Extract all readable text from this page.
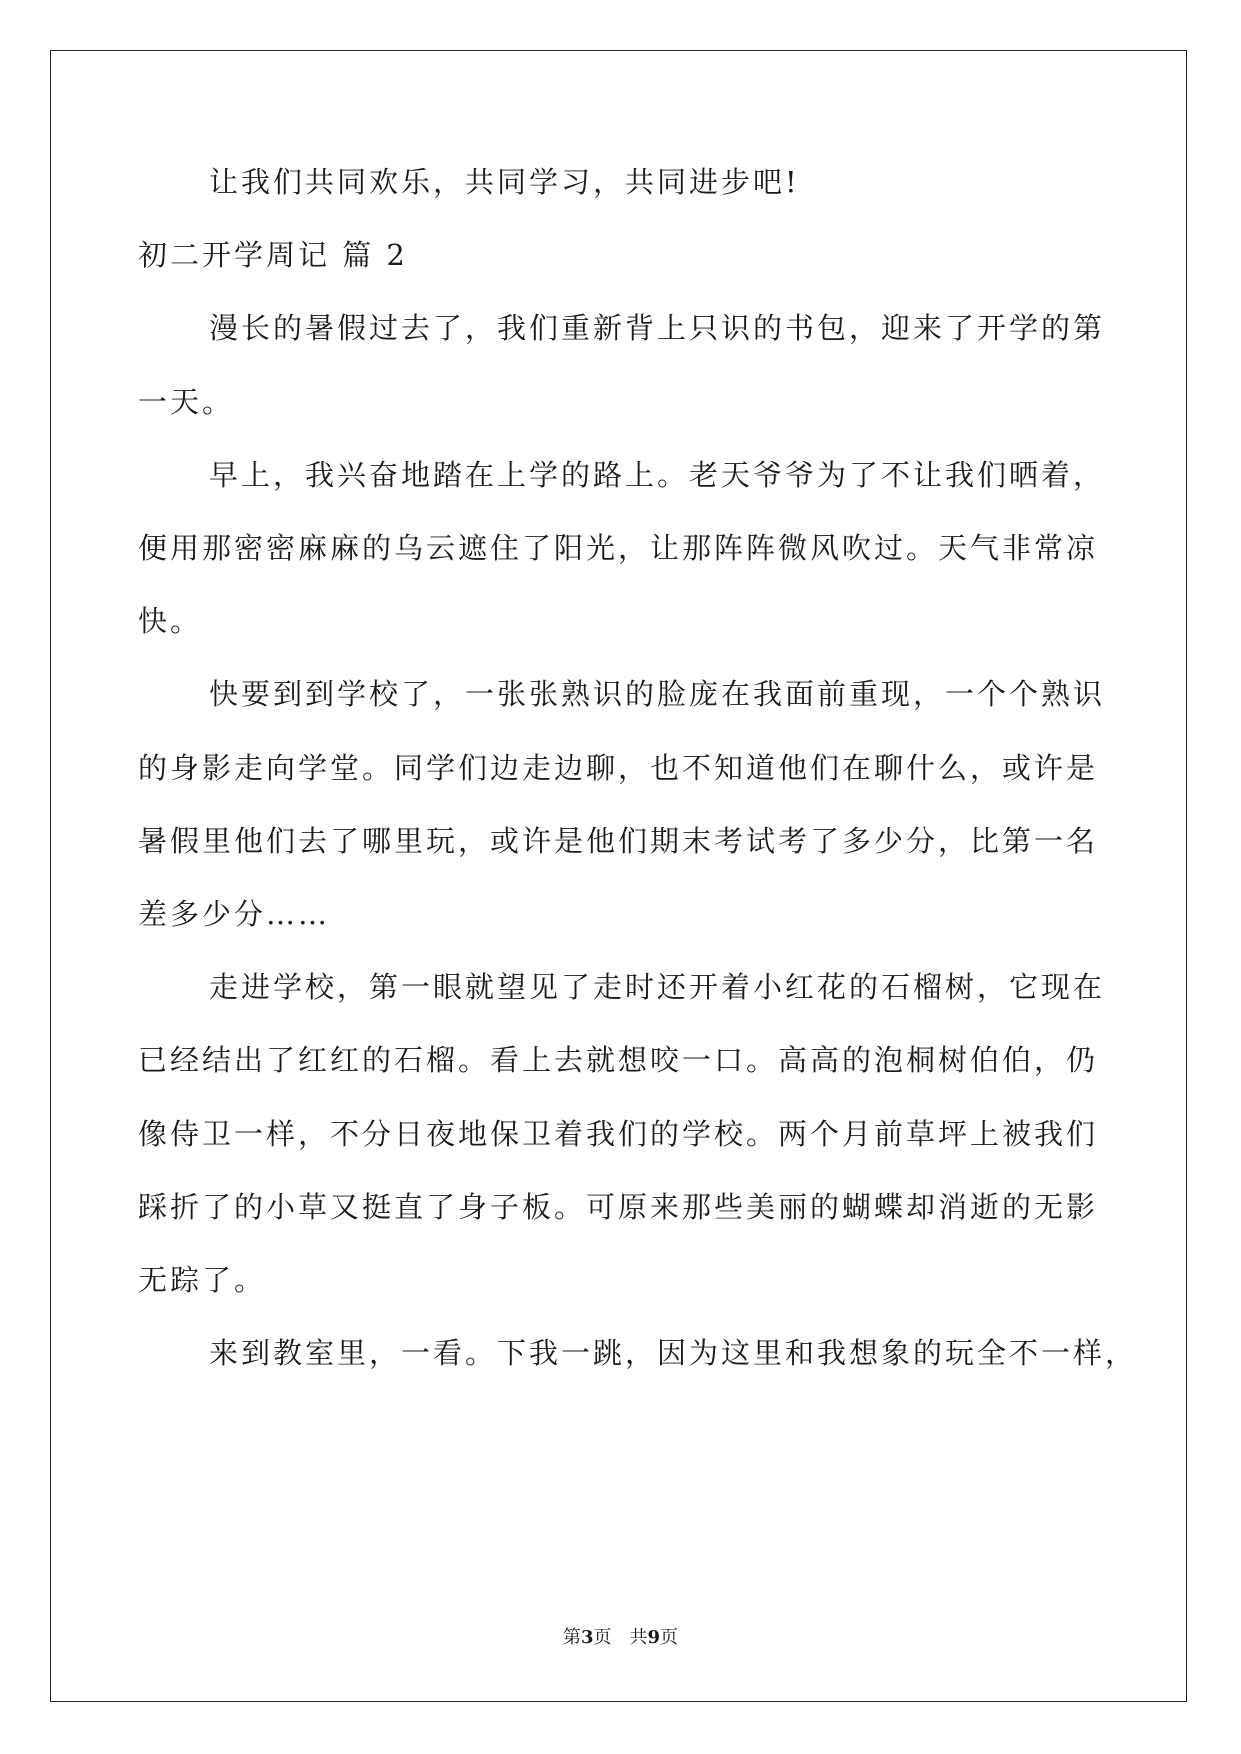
让我们共同欢乐，共同学习，共同进步吧!
初二开学周记 篇 2
漫长的暑假过去了，我们重新背上只识的书包，迎来了开学的第
一天。
早上，我兴奋地踏在上学的路上。老天爷爷为了不让我们晒着，
便用那密密麻麻的乌云遮住了阳光，让那阵阵微风吹过。天气非常凉
快。
快要到到学校了，一张张熟识的脸庞在我面前重现，一个个熟识
的身影走向学堂。同学们边走边聊，也不知道他们在聊什么，或许是
暑假里他们去了哪里玩，或许是他们期末考试考了多少分，比第一名
差多少分……
走进学校，第一眼就望见了走时还开着小红花的石榴树，它现在
已经结出了红红的石榴。看上去就想咬一口。高高的泡桐树伯伯，仍
像侍卫一样，不分日夜地保卫着我们的学校。两个月前草坪上被我们
踩折了的小草又挺直了身子板。可原来那些美丽的蝴蝶却消逝的无影
无踪了。
来到教室里，一看。下我一跳，因为这里和我想象的玩全不一样，
第3页　共9页
